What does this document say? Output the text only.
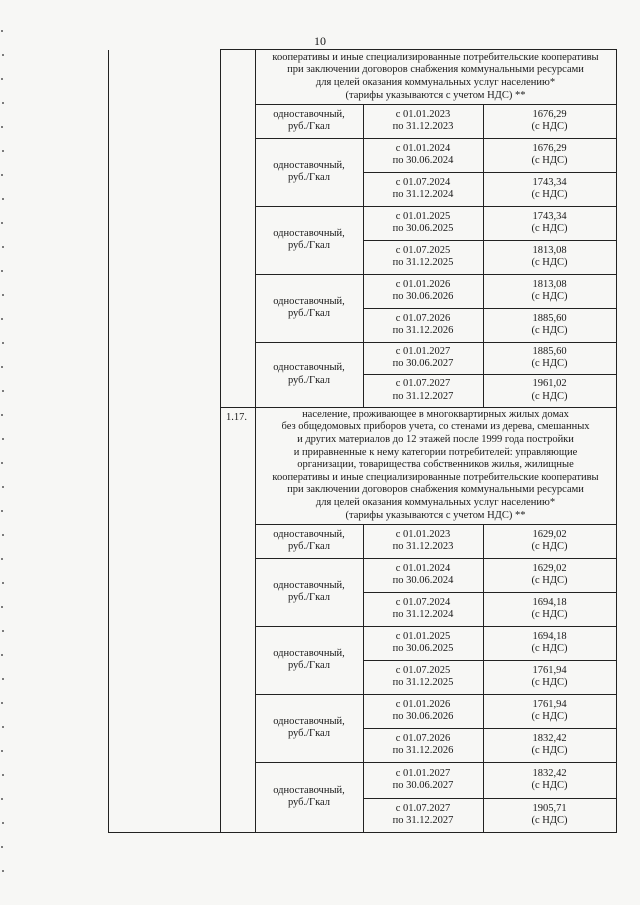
10
кооперативы и иные специализированные потребительские кооперативы
при заключении договоров снабжения коммунальными ресурсами
для целей оказания коммунальных услуг населению*
(тарифы указываются с учетом НДС) **
1.17.	население, проживающее в многоквартирных жилых домах
без общедомовых приборов учета, со стенами из дерева, смешанных
и других материалов до 12 этажей после 1999 года постройки
и приравненные к нему категории потребителей: управляющие
организации, товарищества собственников жилья, жилищные
кооперативы и иные специализированные потребительские кооперативы
при заключении договоров снабжения коммунальными ресурсами
для целей оказания коммунальных услуг населению*
(тарифы указываются с учетом НДС) **
одноставочный,
руб./Гкал
с 01.01.2023
по 31.12.2023
1676,29
(с НДС)
одноставочный,
руб./Гкал
с 01.01.2024
по 30.06.2024
1676,29
(с НДС)
с 01.07.2024
по 31.12.2024
1743,34
(с НДС)
одноставочный,
руб./Гкал
с 01.01.2025
по 30.06.2025
1743,34
(с НДС)
с 01.07.2025
по 31.12.2025
1813,08
(с НДС)
одноставочный,
руб./Гкал
с 01.01.2026
по 30.06.2026
1813,08
(с НДС)
с 01.07.2026
по 31.12.2026
1885,60
(с НДС)
одноставочный,
руб./Гкал
с 01.01.2027
по 30.06.2027
1885,60
(с НДС)
с 01.07.2027
по 31.12.2027
1961,02
(с НДС)
одноставочный,
руб./Гкал
с 01.01.2023
по 31.12.2023
1629,02
(с НДС)
одноставочный,
руб./Гкал
с 01.01.2024
по 30.06.2024
1629,02
(с НДС)
с 01.07.2024
по 31.12.2024
1694,18
(с НДС)
одноставочный,
руб./Гкал
с 01.01.2025
по 30.06.2025
1694,18
(с НДС)
с 01.07.2025
по 31.12.2025
1761,94
(с НДС)
одноставочный,
руб./Гкал
с 01.01.2026
по 30.06.2026
1761,94
(с НДС)
с 01.07.2026
по 31.12.2026
1832,42
(с НДС)
одноставочный,
руб./Гкал
с 01.01.2027
по 30.06.2027
1832,42
(с НДС)
с 01.07.2027
по 31.12.2027
1905,71
(с НДС)
